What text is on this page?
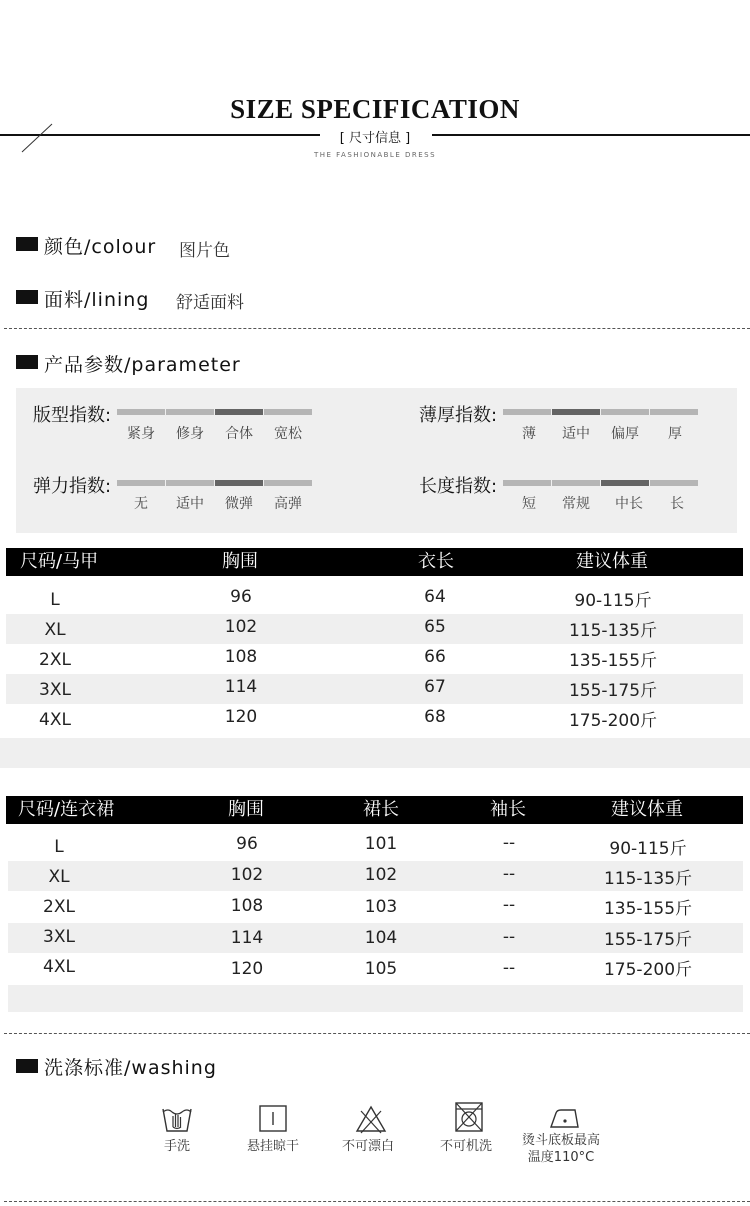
SIZE SPECIFICATION
[ 尺寸信息 ]
THE FASHIONABLE DRESS
颜色/colour 图片色
面料/lining 舒适面料
产品参数/parameter
版型指数:
紧身	修身	合体	宽松
薄厚指数:
薄	适中	偏厚	厚
弹力指数:
无	适中	微弹	高弹
长度指数:
短	常规	中长	长
尺码/马甲	胸围	衣长	建议体重
L	96	64	90-115斤
XL	102	65	115-135斤
2XL	108	66	135-155斤
3XL	114	67	155-175斤
4XL	120	68	175-200斤
尺码/连衣裙	胸围	裙长	袖长	建议体重
L	96	101	--	90-115斤
XL	102	102	--	115-135斤
2XL	108	103	--	135-155斤
3XL	114	104	--	155-175斤
4XL	120	105	--	175-200斤
洗涤标准/washing
手洗	悬挂晾干	不可漂白	不可机洗 烫斗底板最高
温度110°C
